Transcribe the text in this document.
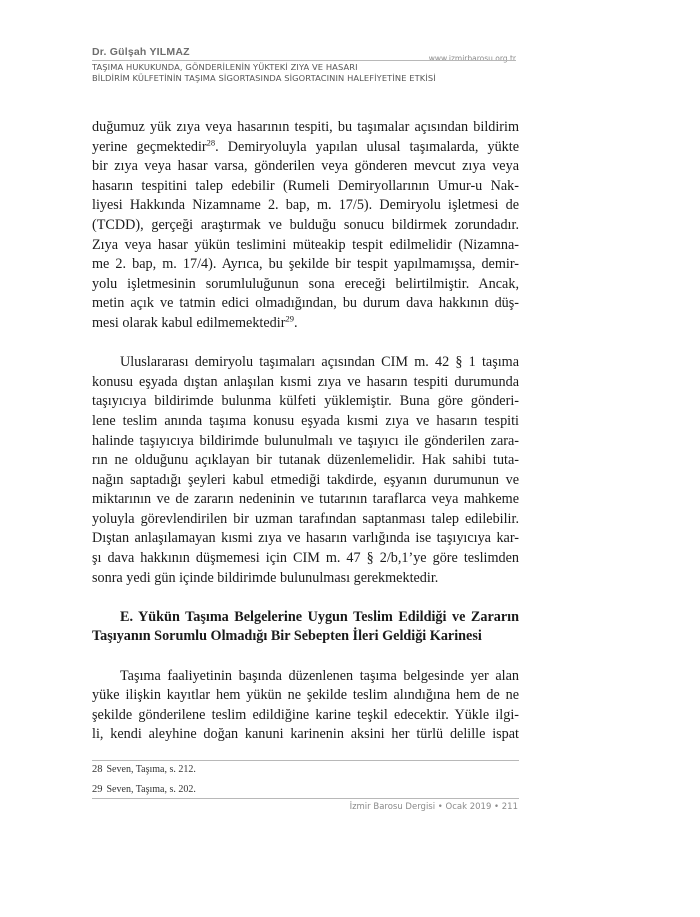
Dr. Gülşah YILMAZ
www.izmirbarosu.org.tr
TAŞIMA HUKUKUNDA, GÖNDERİLENİN YÜKTEKİ ZIYA VE HASARI
BİLDİRİM KÜLFETİNİN TAŞIMA SİGORTASINDA SİGORTACININ HALEFİYETİNE ETKİSİ

duğumuz yük zıya veya hasarının tespiti, bu taşımalar açısından bildirim
yerine geçmektedir$^{28}$. Demiryoluyla yapılan ulusal taşımalarda, yükte
bir zıya veya hasar varsa, gönderilen veya gönderen mevcut zıya veya
hasarın tespitini talep edebilir (Rumeli Demiryollarının Umur-u Nak-
liyesi Hakkında Nizamname 2. bap, m. 17/5). Demiryolu işletmesi de
(TCDD), gerçeği araştırmak ve bulduğu sonucu bildirmek zorundadır.
Zıya veya hasar yükün teslimini müteakip tespit edilmelidir (Nizamna-
me 2. bap, m. 17/4). Ayrıca, bu şekilde bir tespit yapılmamışsa, demir-
yolu işletmesinin sorumluluğunun sona ereceği belirtilmiştir. Ancak,
metin açık ve tatmin edici olmadığından, bu durum dava hakkının düş-
mesi olarak kabul edilmemektedir$^{29}$.

Uluslararası demiryolu taşımaları açısından CIM m. 42 § 1 taşıma
konusu eşyada dıştan anlaşılan kısmi zıya ve hasarın tespiti durumunda
taşıyıcıya bildirimde bulunma külfeti yüklemiştir. Buna göre gönderi-
lene teslim anında taşıma konusu eşyada kısmi zıya ve hasarın tespiti
halinde taşıyıcıya bildirimde bulunulmalı ve taşıyıcı ile gönderilen zara-
rın ne olduğunu açıklayan bir tutanak düzenlemelidir. Hak sahibi tuta-
nağın saptadığı şeyleri kabul etmediği takdirde, eşyanın durumunun ve
miktarının ve de zararın nedeninin ve tutarının taraflarca veya mahkeme
yoluyla görevlendirilen bir uzman tarafından saptanması talep edilebilir.
Dıştan anlaşılamayan kısmi zıya ve hasarın varlığında ise taşıyıcıya kar-
şı dava hakkının düşmemesi için CIM m. 47 § 2/b,1’ye göre teslimden
sonra yedi gün içinde bildirimde bulunulması gerekmektedir.

E. Yükün Taşıma Belgelerine Uygun Teslim Edildiği ve Zararın
Taşıyanın Sorumlu Olmadığı Bir Sebepten İleri Geldiği Karinesi

Taşıma faaliyetinin başında düzenlenen taşıma belgesinde yer alan
yüke ilişkin kayıtlar hem yükün ne şekilde teslim alındığına hem de ne
şekilde gönderilene teslim edildiğine karine teşkil edecektir. Yükle ilgi-
li, kendi aleyhine doğan kanuni karinenin aksini her türlü delille ispat

28 Seven, Taşıma, s. 212.
29 Seven, Taşıma, s. 202.
İzmir Barosu Dergisi • Ocak 2019 • 211
